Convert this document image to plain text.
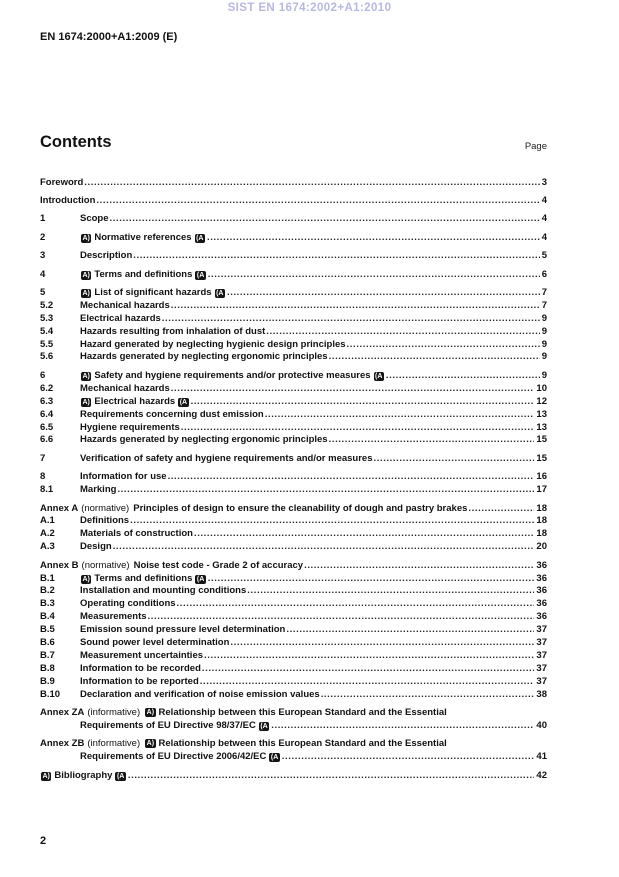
SIST EN 1674:2002+A1:2010
EN 1674:2000+A1:2009 (E)
Contents	Page
Foreword .....	3
Introduction .....	4
1	Scope .....	4
2	A) Normative references (A .....	4
3	Description .....	5
4	A) Terms and definitions (A .....	6
5	A) List of significant hazards (A .....	7
5.2	Mechanical hazards .....	7
5.3	Electrical hazards .....	9
5.4	Hazards resulting from inhalation of dust .....	9
5.5	Hazard generated by neglecting hygienic design principles .....	9
5.6	Hazards generated by neglecting ergonomic principles .....	9
6	A) Safety and hygiene requirements and/or protective measures (A .....	9
6.2	Mechanical hazards .....	10
6.3	A) Electrical hazards (A .....	12
6.4	Requirements concerning dust emission .....	13
6.5	Hygiene requirements .....	13
6.6	Hazards generated by neglecting ergonomic principles .....	15
7	Verification of safety and hygiene requirements and/or measures .....	15
8	Information for use .....	16
8.1	Marking .....	17
Annex A (normative) Principles of design to ensure the cleanability of dough and pastry brakes .....	18
A.1	Definitions .....	18
A.2	Materials of construction .....	18
A.3	Design .....	20
Annex B (normative) Noise test code - Grade 2 of accuracy .....	36
B.1	A) Terms and definitions (A .....	36
B.2	Installation and mounting conditions .....	36
B.3	Operating conditions .....	36
B.4	Measurements .....	36
B.5	Emission sound pressure level determination .....	37
B.6	Sound power level determination .....	37
B.7	Measurement uncertainties .....	37
B.8	Information to be recorded .....	37
B.9	Information to be reported .....	37
B.10	Declaration and verification of noise emission values .....	38
Annex ZA (informative) A) Relationship between this European Standard and the Essential
Requirements of EU Directive 98/37/EC (A .....	40
Annex ZB (informative) A) Relationship between this European Standard and the Essential
Requirements of EU Directive 2006/42/EC (A .....	41
A) Bibliography (A .....	42
2
